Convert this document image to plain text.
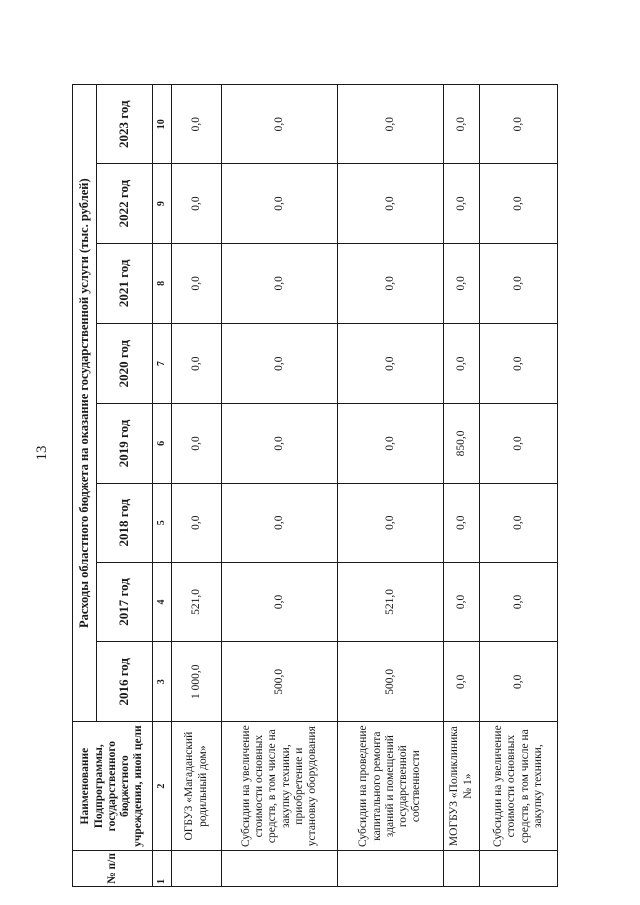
13
№ п/п	Наименование Подпрограммы, государственного бюджетного учреждения, иной цели	Расходы областного бюджета на оказание государственной услуги (тыс. рублей)							
		2016 год	2017 год	2018 год	2019 год	2020 год	2021 год	2022 год	2023 год
1	2	3	4	5	6	7	8	9	10
	ОГБУЗ «Магаданский родильный дом»	1 000,0	521,0	0,0	0,0	0,0	0,0	0,0	0,0
	Субсидии на увеличение стоимости основных средств, в том числе на закупку техники, приобретение и установку оборудования	500,0	0,0	0,0	0,0	0,0	0,0	0,0	0,0
	Субсидии на проведение капитального ремонта зданий и помещений государственной собственности	500,0	521,0	0,0	0,0	0,0	0,0	0,0	0,0
	МОГБУЗ «Поликлиника № 1»	0,0	0,0	0,0	850,0	0,0	0,0	0,0	0,0
	Субсидии на увеличение стоимости основных средств, в том числе на закупку техники,	0,0	0,0	0,0	0,0	0,0	0,0	0,0	0,0
